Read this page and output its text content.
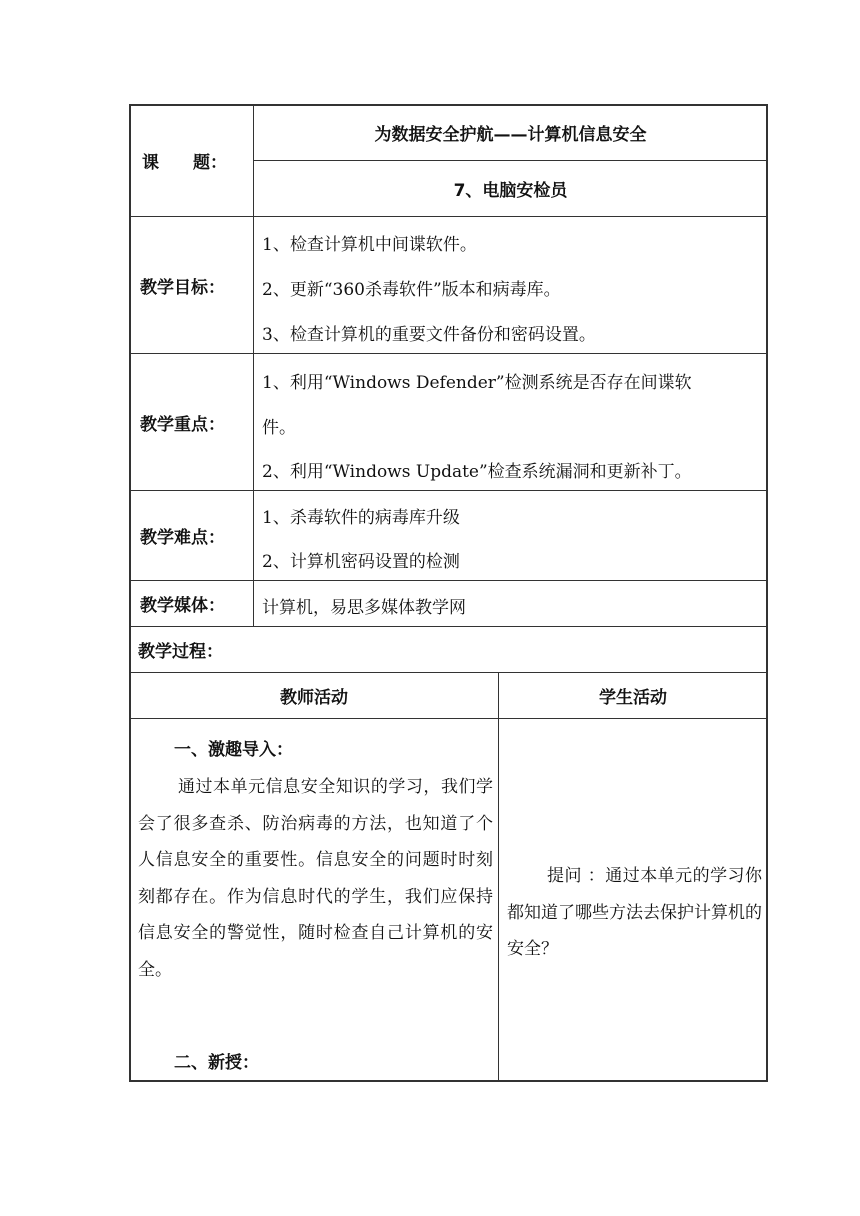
课　　题：
为数据安全护航——计算机信息安全
7、电脑安检员
教学目标：
1、检查计算机中间谍软件。
2、更新“360杀毒软件”版本和病毒库。
3、检查计算机的重要文件备份和密码设置。
教学重点：
1、利用“Windows Defender”检测系统是否存在间谍软
件。
2、利用“Windows Update”检查系统漏洞和更新补丁。
教学难点：
1、杀毒软件的病毒库升级
2、计算机密码设置的检测
教学媒体：	计算机，易思多媒体教学网
教学过程：
教师活动	学生活动
一、激趣导入：
通过本单元信息安全知识的学习，我们学会了很多查杀、防治病毒的方法，也知道了个人信息安全的重要性。信息安全的问题时时刻刻都存在。作为信息时代的学生，我们应保持信息安全的警觉性，随时检查自己计算机的安全。
二、新授：
提问 ：通过本单元的学习你都知道了哪些方法去保护计算机的安全？
